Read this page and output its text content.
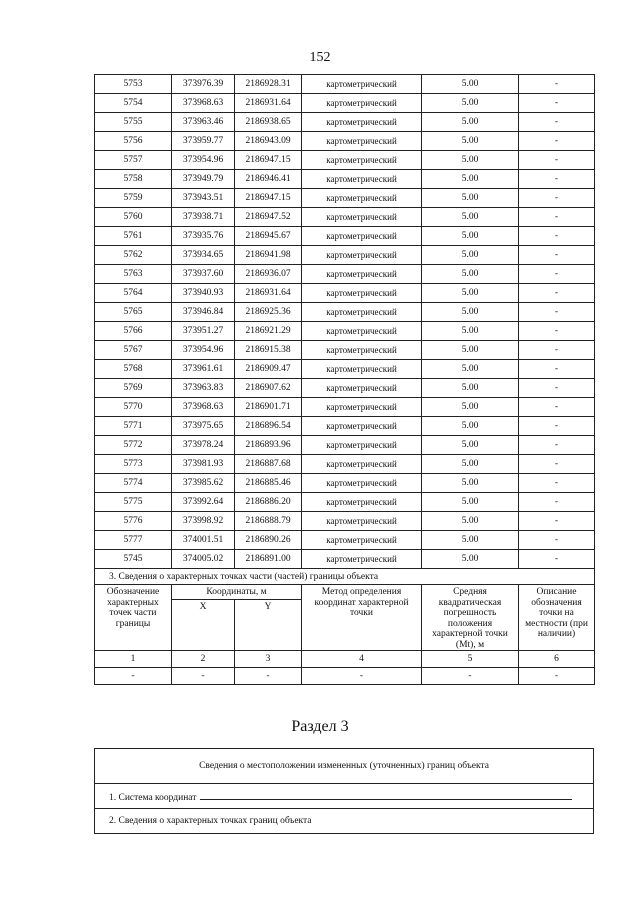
152
5753	373976.39	2186928.31	картометрический	5.00	-
5754	373968.63	2186931.64	картометрический	5.00	-
5755	373963.46	2186938.65	картометрический	5.00	-
5756	373959.77	2186943.09	картометрический	5.00	-
5757	373954.96	2186947.15	картометрический	5.00	-
5758	373949.79	2186946.41	картометрический	5.00	-
5759	373943.51	2186947.15	картометрический	5.00	-
5760	373938.71	2186947.52	картометрический	5.00	-
5761	373935.76	2186945.67	картометрический	5.00	-
5762	373934.65	2186941.98	картометрический	5.00	-
5763	373937.60	2186936.07	картометрический	5.00	-
5764	373940.93	2186931.64	картометрический	5.00	-
5765	373946.84	2186925.36	картометрический	5.00	-
5766	373951.27	2186921.29	картометрический	5.00	-
5767	373954.96	2186915.38	картометрический	5.00	-
5768	373961.61	2186909.47	картометрический	5.00	-
5769	373963.83	2186907.62	картометрический	5.00	-
5770	373968.63	2186901.71	картометрический	5.00	-
5771	373975.65	2186896.54	картометрический	5.00	-
5772	373978.24	2186893.96	картометрический	5.00	-
5773	373981.93	2186887.68	картометрический	5.00	-
5774	373985.62	2186885.46	картометрический	5.00	-
5775	373992.64	2186886.20	картометрический	5.00	-
5776	373998.92	2186888.79	картометрический	5.00	-
5777	374001.51	2186890.26	картометрический	5.00	-
5745	374005.02	2186891.00	картометрический	5.00	-
3. Сведения о характерных точках части (частей) границы объекта					
Обозначение характерных точек части границы	Координаты, м		Метод определения координат характерной точки	Средняя квадратическая погрешность положения характерной точки (Mt), м	Описание обозначения точки на местности (при наличии)
	X	Y			
1	2	3	4	5	6
-	-	-	-	-	-
Раздел 3
Сведения о местоположении измененных (уточненных) границ объекта
1. Система координат
2. Сведения о характерных точках границ объекта
